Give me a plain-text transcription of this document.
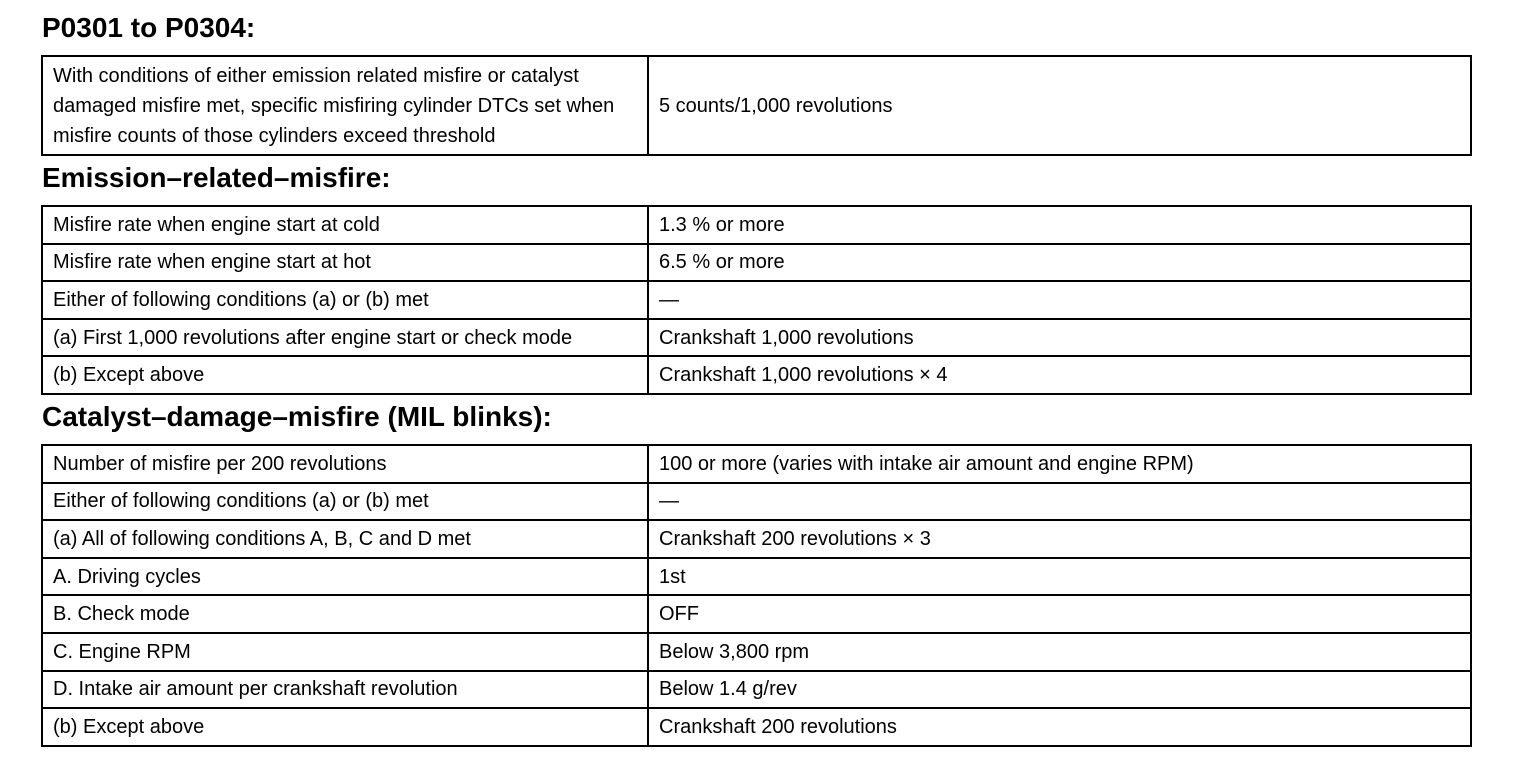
P0301 to P0304:
With conditions of either emission related misfire or catalyst damaged misfire met, specific misfiring cylinder DTCs set when misfire counts of those cylinders exceed threshold	5 counts/1,000 revolutions
Emission–related–misfire:
Misfire rate when engine start at cold	1.3 % or more
Misfire rate when engine start at hot	6.5 % or more
Either of following conditions (a) or (b) met	—
(a) First 1,000 revolutions after engine start or check mode	Crankshaft 1,000 revolutions
(b) Except above	Crankshaft 1,000 revolutions × 4
Catalyst–damage–misfire (MIL blinks):
Number of misfire per 200 revolutions	100 or more (varies with intake air amount and engine RPM)
Either of following conditions (a) or (b) met	—
(a) All of following conditions A, B, C and D met	Crankshaft 200 revolutions × 3
A. Driving cycles	1st
B. Check mode	OFF
C. Engine RPM	Below 3,800 rpm
D. Intake air amount per crankshaft revolution	Below 1.4 g/rev
(b) Except above	Crankshaft 200 revolutions
